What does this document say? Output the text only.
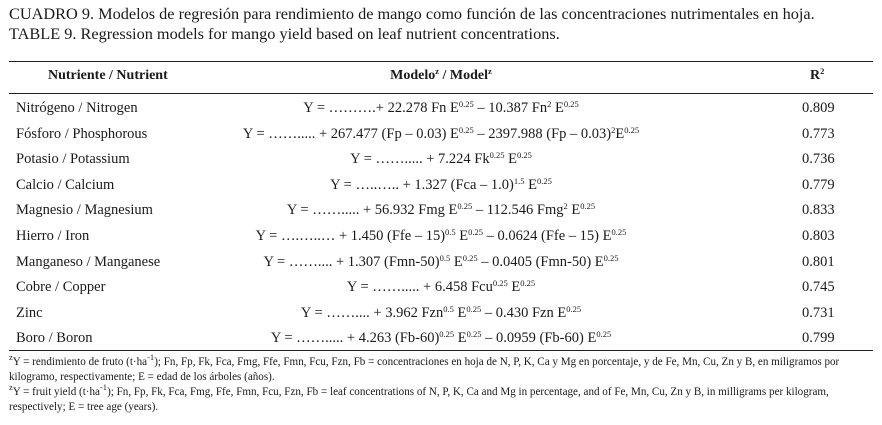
CUADRO 9. Modelos de regresión para rendimiento de mango como función de las concentraciones nutrimentales en hoja.
TABLE 9. Regression models for mango yield based on leaf nutrient concentrations.
Nutriente / Nutrient	Modelo$^z$ / Model$^z$	$R^2$
Nitrógeno / Nitrogen	Y = ……….+ 22.278 Fn $E^{0.25} - 10.387$ Fn$^2$ $E^{0.25}$	0.809
Fósforo / Phosphorous	Y = ……..... + 267.477 (Fp – 0.03) $E^{0.25} - 2397.988$ $(Fp - 0.03)^2E^{0.25}$	0.773
Potasio / Potassium	Y = ……..... + 7.224 $Fk^{0.25}$ $E^{0.25}$	0.736
Calcio / Calcium	Y = …..….. + 1.327 (Fca – 1.0)$^{1.5}$ $E^{0.25}$	0.779
Magnesio / Magnesium	Y = ……..... + 56.932 Fmg $E^{0.25} - 112.546$ Fmg$^2$ $E^{0.25}$	0.833
Hierro / Iron	Y = ….…..… + 1.450 (Ffe – 15)$^{0.5}$ $E^{0.25} - 0.0624$ (Ffe – 15) $E^{0.25}$	0.803
Manganeso / Manganese	Y = …….... + 1.307 $(Fmn-50)^{0.5}$ $E^{0.25} - 0.0405$ (Fmn-50) $E^{0.25}$	0.801
Cobre / Copper	Y = ……..... + 6.458 Fcu$^{0.25}$ $E^{0.25}$	0.745
Zinc	Y = …….... + 3.962 Fzn$^{0.5}$ $E^{0.25} - 0.430$ Fzn $E^{0.25}$	0.731
Boro / Boron	Y = ……..... + 4.263 $(Fb-60)^{0.25}$ $E^{0.25} - 0.0959$ (Fb-60) $E^{0.25}$	0.799
$^z$Y = rendimiento de fruto $(t\cdot ha^{-1})$; Fn, Fp, Fk, Fca, Fmg, Ffe, Fmn, Fcu, Fzn, Fb = concentraciones en hoja de N, P, K, Ca y Mg en porcentaje, y de Fe, Mn, Cu, Zn y B, en miligramos por kilogramo, respectivamente; E = edad de los árboles (años).
$^z$Y = fruit yield $(t\cdot ha^{-1})$; Fn, Fp, Fk, Fca, Fmg, Ffe, Fmn, Fcu, Fzn, Fb = leaf concentrations of N, P, K, Ca and Mg in percentage, and of Fe, Mn, Cu, Zn y B, in milligrams per kilogram, respectively; E = tree age (years).
